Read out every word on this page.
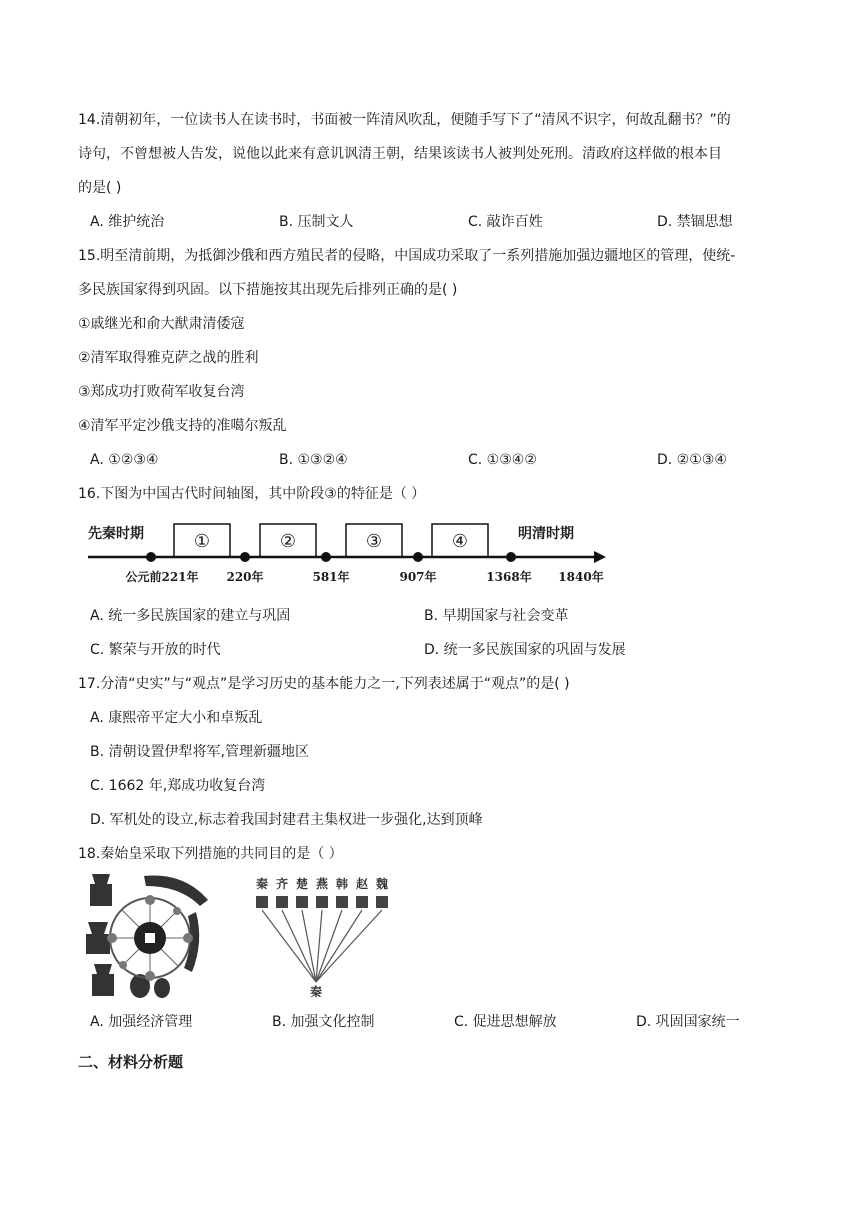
14.清朝初年，一位读书人在读书时，书面被一阵清风吹乱，便随手写下了“清风不识字，何故乱翻书？”的
诗句，不曾想被人告发，说他以此来有意讥讽清王朝，结果该读书人被判处死刑。清政府这样做的根本目
的是( )
A. 维护统治	B. 压制文人	C. 敲诈百姓	D. 禁锢思想
15.明至清前期，为抵御沙俄和西方殖民者的侵略，中国成功采取了一系列措施加强边疆地区的管理，使统-
多民族国家得到巩固。以下措施按其出现先后排列正确的是( )
①戚继光和俞大猷肃清倭寇
②清军取得雅克萨之战的胜利
③郑成功打败荷军收复台湾
④清军平定沙俄支持的准噶尔叛乱
A. ①②③④	B. ①③②④	C. ①③④②	D. ②①③④
16.下图为中国古代时间轴图，其中阶段③的特征是（ ）
先秦时期	明清时期
①	②	③	④
公元前221年 220年	581年	907年	1368年 1840年
A. 统一多民族国家的建立与巩固	B. 早期国家与社会变革
C. 繁荣与开放的时代	D. 统一多民族国家的巩固与发展
17.分清“史实”与“观点”是学习历史的基本能力之一,下列表述属于“观点”的是( )
A. 康熙帝平定大小和卓叛乱
B. 清朝设置伊犁将军,管理新疆地区
C. 1662 年,郑成功收复台湾
D. 军机处的设立,标志着我国封建君主集权进一步强化,达到顶峰
18.秦始皇采取下列措施的共同目的是（ ）
秦 齐 楚 燕 韩 赵 魏
秦
A. 加强经济管理	B. 加强文化控制	C. 促进思想解放	D. 巩固国家统一
二、材料分析题
